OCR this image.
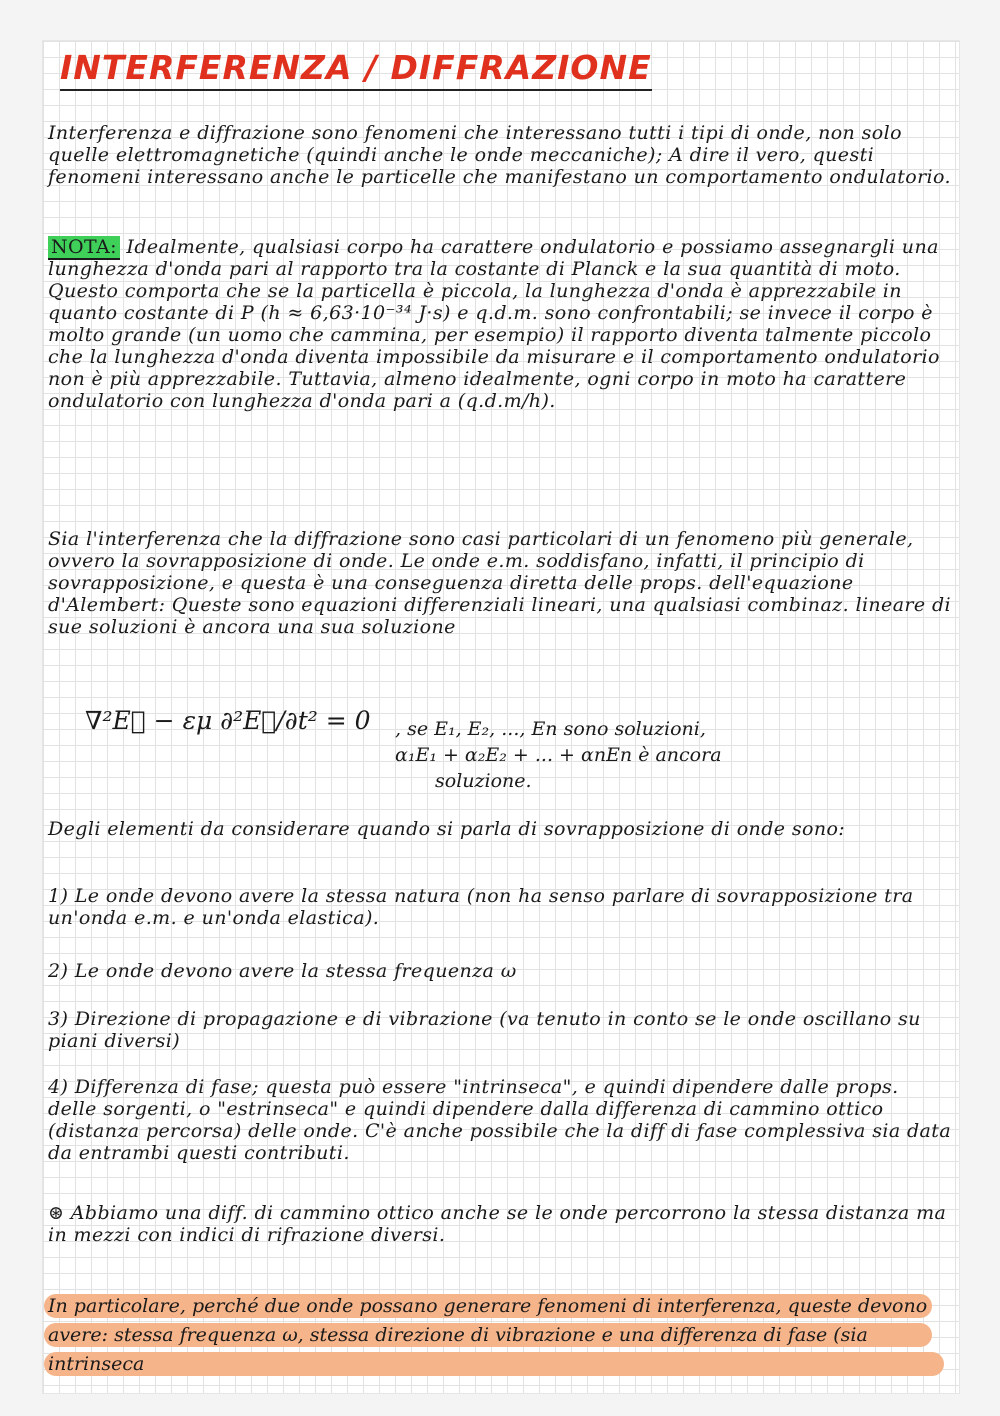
INTERFERENZA / DIFFRAZIONE

Interferenza e diffrazione sono fenomeni che interessano tutti i tipi di onde, non solo quelle elettromagnetiche (quindi anche le onde meccaniche); A dire il vero, questi fenomeni interessano anche le particelle che manifestano un comportamento ondulatorio.

NOTA: Idealmente, qualsiasi corpo ha carattere ondulatorio e possiamo assegnargli una lunghezza d'onda pari al rapporto tra la costante di Planck e la sua quantità di moto. Questo comporta che se la particella è piccola, la lunghezza d'onda è apprezzabile in quanto costante di P (h ≈ 6,63·10⁻³⁴ J·s) e q.d.m. sono confrontabili; se invece il corpo è molto grande (un uomo che cammina, per esempio) il rapporto diventa talmente piccolo che la lunghezza d'onda diventa impossibile da misurare e il comportamento ondulatorio non è più apprezzabile. Tuttavia, almeno idealmente, ogni corpo in moto ha carattere ondulatorio con lunghezza d'onda pari a (q.d.m/h).

Sia l'interferenza che la diffrazione sono casi particolari di un fenomeno più generale, ovvero la sovrapposizione di onde. Le onde e.m. soddisfano, infatti, il principio di sovrapposizione, e questa è una conseguenza diretta delle props. dell'equazione d'Alembert: Queste sono equazioni differenziali lineari, una qualsiasi combinaz. lineare di sue soluzioni è ancora una sua soluzione

∇²E⃗ − εμ ∂²E⃗/∂t² = 0 , se E₁, E₂, ..., En sono soluzioni,
α₁E₁ + α₂E₂ + ... + αnEn è ancora
soluzione.

Degli elementi da considerare quando si parla di sovrapposizione di onde sono:

1) Le onde devono avere la stessa natura (non ha senso parlare di sovrapposizione tra un'onda e.m. e un'onda elastica).

2) Le onde devono avere la stessa frequenza ω

3) Direzione di propagazione e di vibrazione (va tenuto in conto se le onde oscillano su piani diversi)

4) Differenza di fase; questa può essere "intrinseca", e quindi dipendere dalle props. delle sorgenti, o "estrinseca" e quindi dipendere dalla differenza di cammino ottico (distanza percorsa) delle onde. C'è anche possibile che la diff di fase complessiva sia data da entrambi questi contributi.

⊛ Abbiamo una diff. di cammino ottico anche se le onde percorrono la stessa distanza ma in mezzi con indici di rifrazione diversi.

In particolare, perché due onde possano generare fenomeni di interferenza, queste devono avere: stessa frequenza ω, stessa direzione di vibrazione e una differenza di fase (sia intrinseca
